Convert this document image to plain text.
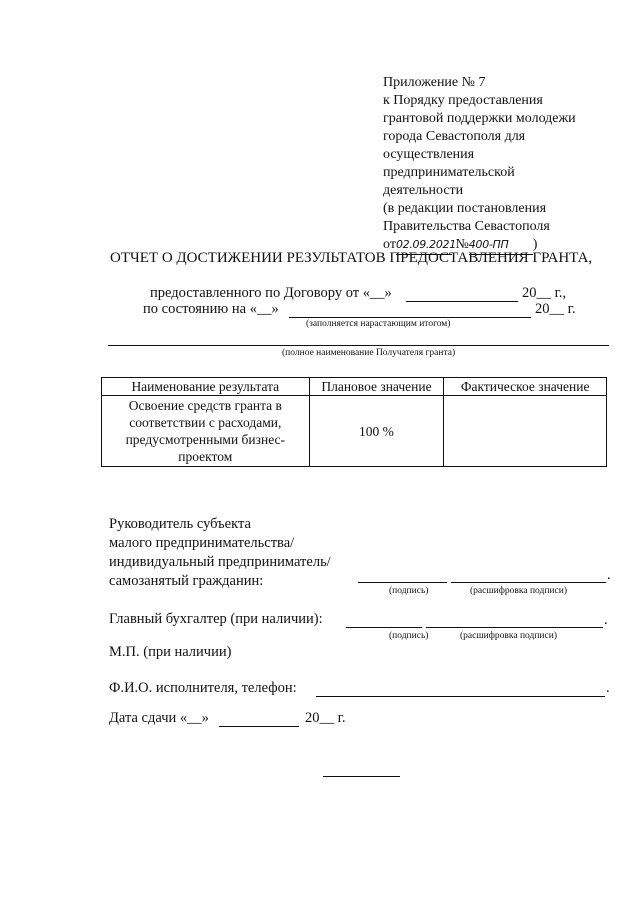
Приложение № 7
к Порядку предоставления
грантовой поддержки молодежи
города Севастополя для
осуществления
предпринимательской
деятельности
(в редакции постановления
Правительства Севастополя
от02.09.2021 №400-ПП )
ОТЧЕТ О ДОСТИЖЕНИИ РЕЗУЛЬТАТОВ ПРЕДОСТАВЛЕНИЯ ГРАНТА,
предоставленного по Договору от «__»	20__ г.,
по состоянию на «__»	20__ г.
(заполняется нарастающим итогом)
(полное наименование Получателя гранта)
Наименование результата	Плановое значение	Фактическое значение

Освоение средств гранта в
соответствии с расходами,
предусмотренными бизнес-
проектом	100 %	
Руководитель субъекта
малого предпринимательства/
индивидуальный предприниматель/
самозанятый гражданин:	.
(подпись)	(расшифровка подписи)
Главный бухгалтер (при наличии):	.
(подпись)	(расшифровка подписи)
М.П. (при наличии)
Ф.И.О. исполнителя, телефон:	.
Дата сдачи «__»	20__ г.
